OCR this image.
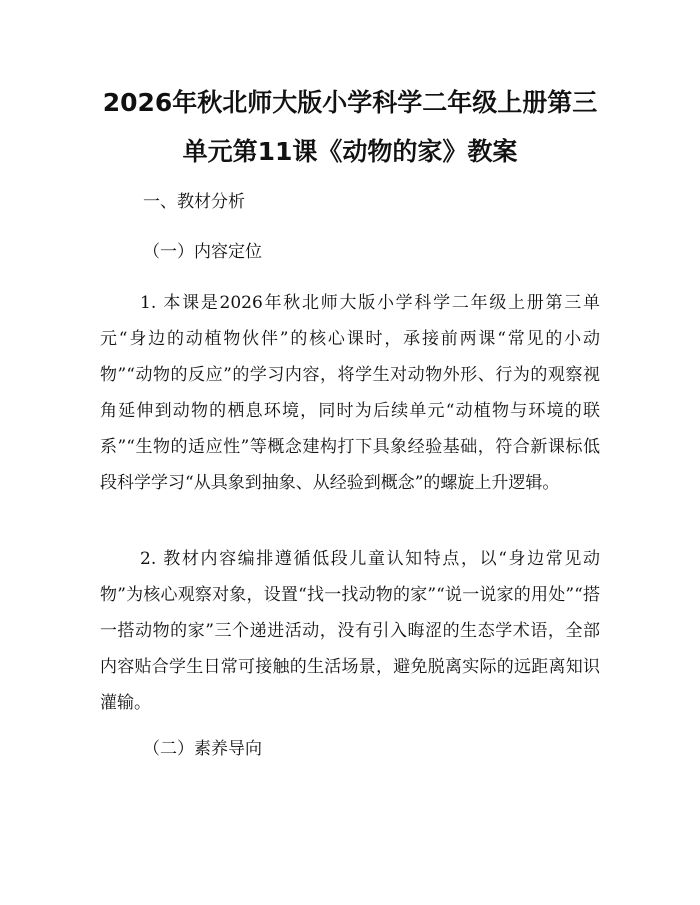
2026年秋北师大版小学科学二年级上册第三
单元第11课《动物的家》教案

一、教材分析

（一）内容定位

1. 本课是2026年秋北师大版小学科学二年级上册第三单元“身边的动植物伙伴”的核心课时，承接前两课“常见的小动物”“动物的反应”的学习内容，将学生对动物外形、行为的观察视角延伸到动物的栖息环境，同时为后续单元“动植物与环境的联系”“生物的适应性”等概念建构打下具象经验基础，符合新课标低段科学学习“从具象到抽象、从经验到概念”的螺旋上升逻辑。

2. 教材内容编排遵循低段儿童认知特点，以“身边常见动物”为核心观察对象，设置“找一找动物的家”“说一说家的用处”“搭一搭动物的家”三个递进活动，没有引入晦涩的生态学术语，全部内容贴合学生日常可接触的生活场景，避免脱离实际的远距离知识灌输。

（二）素养导向
